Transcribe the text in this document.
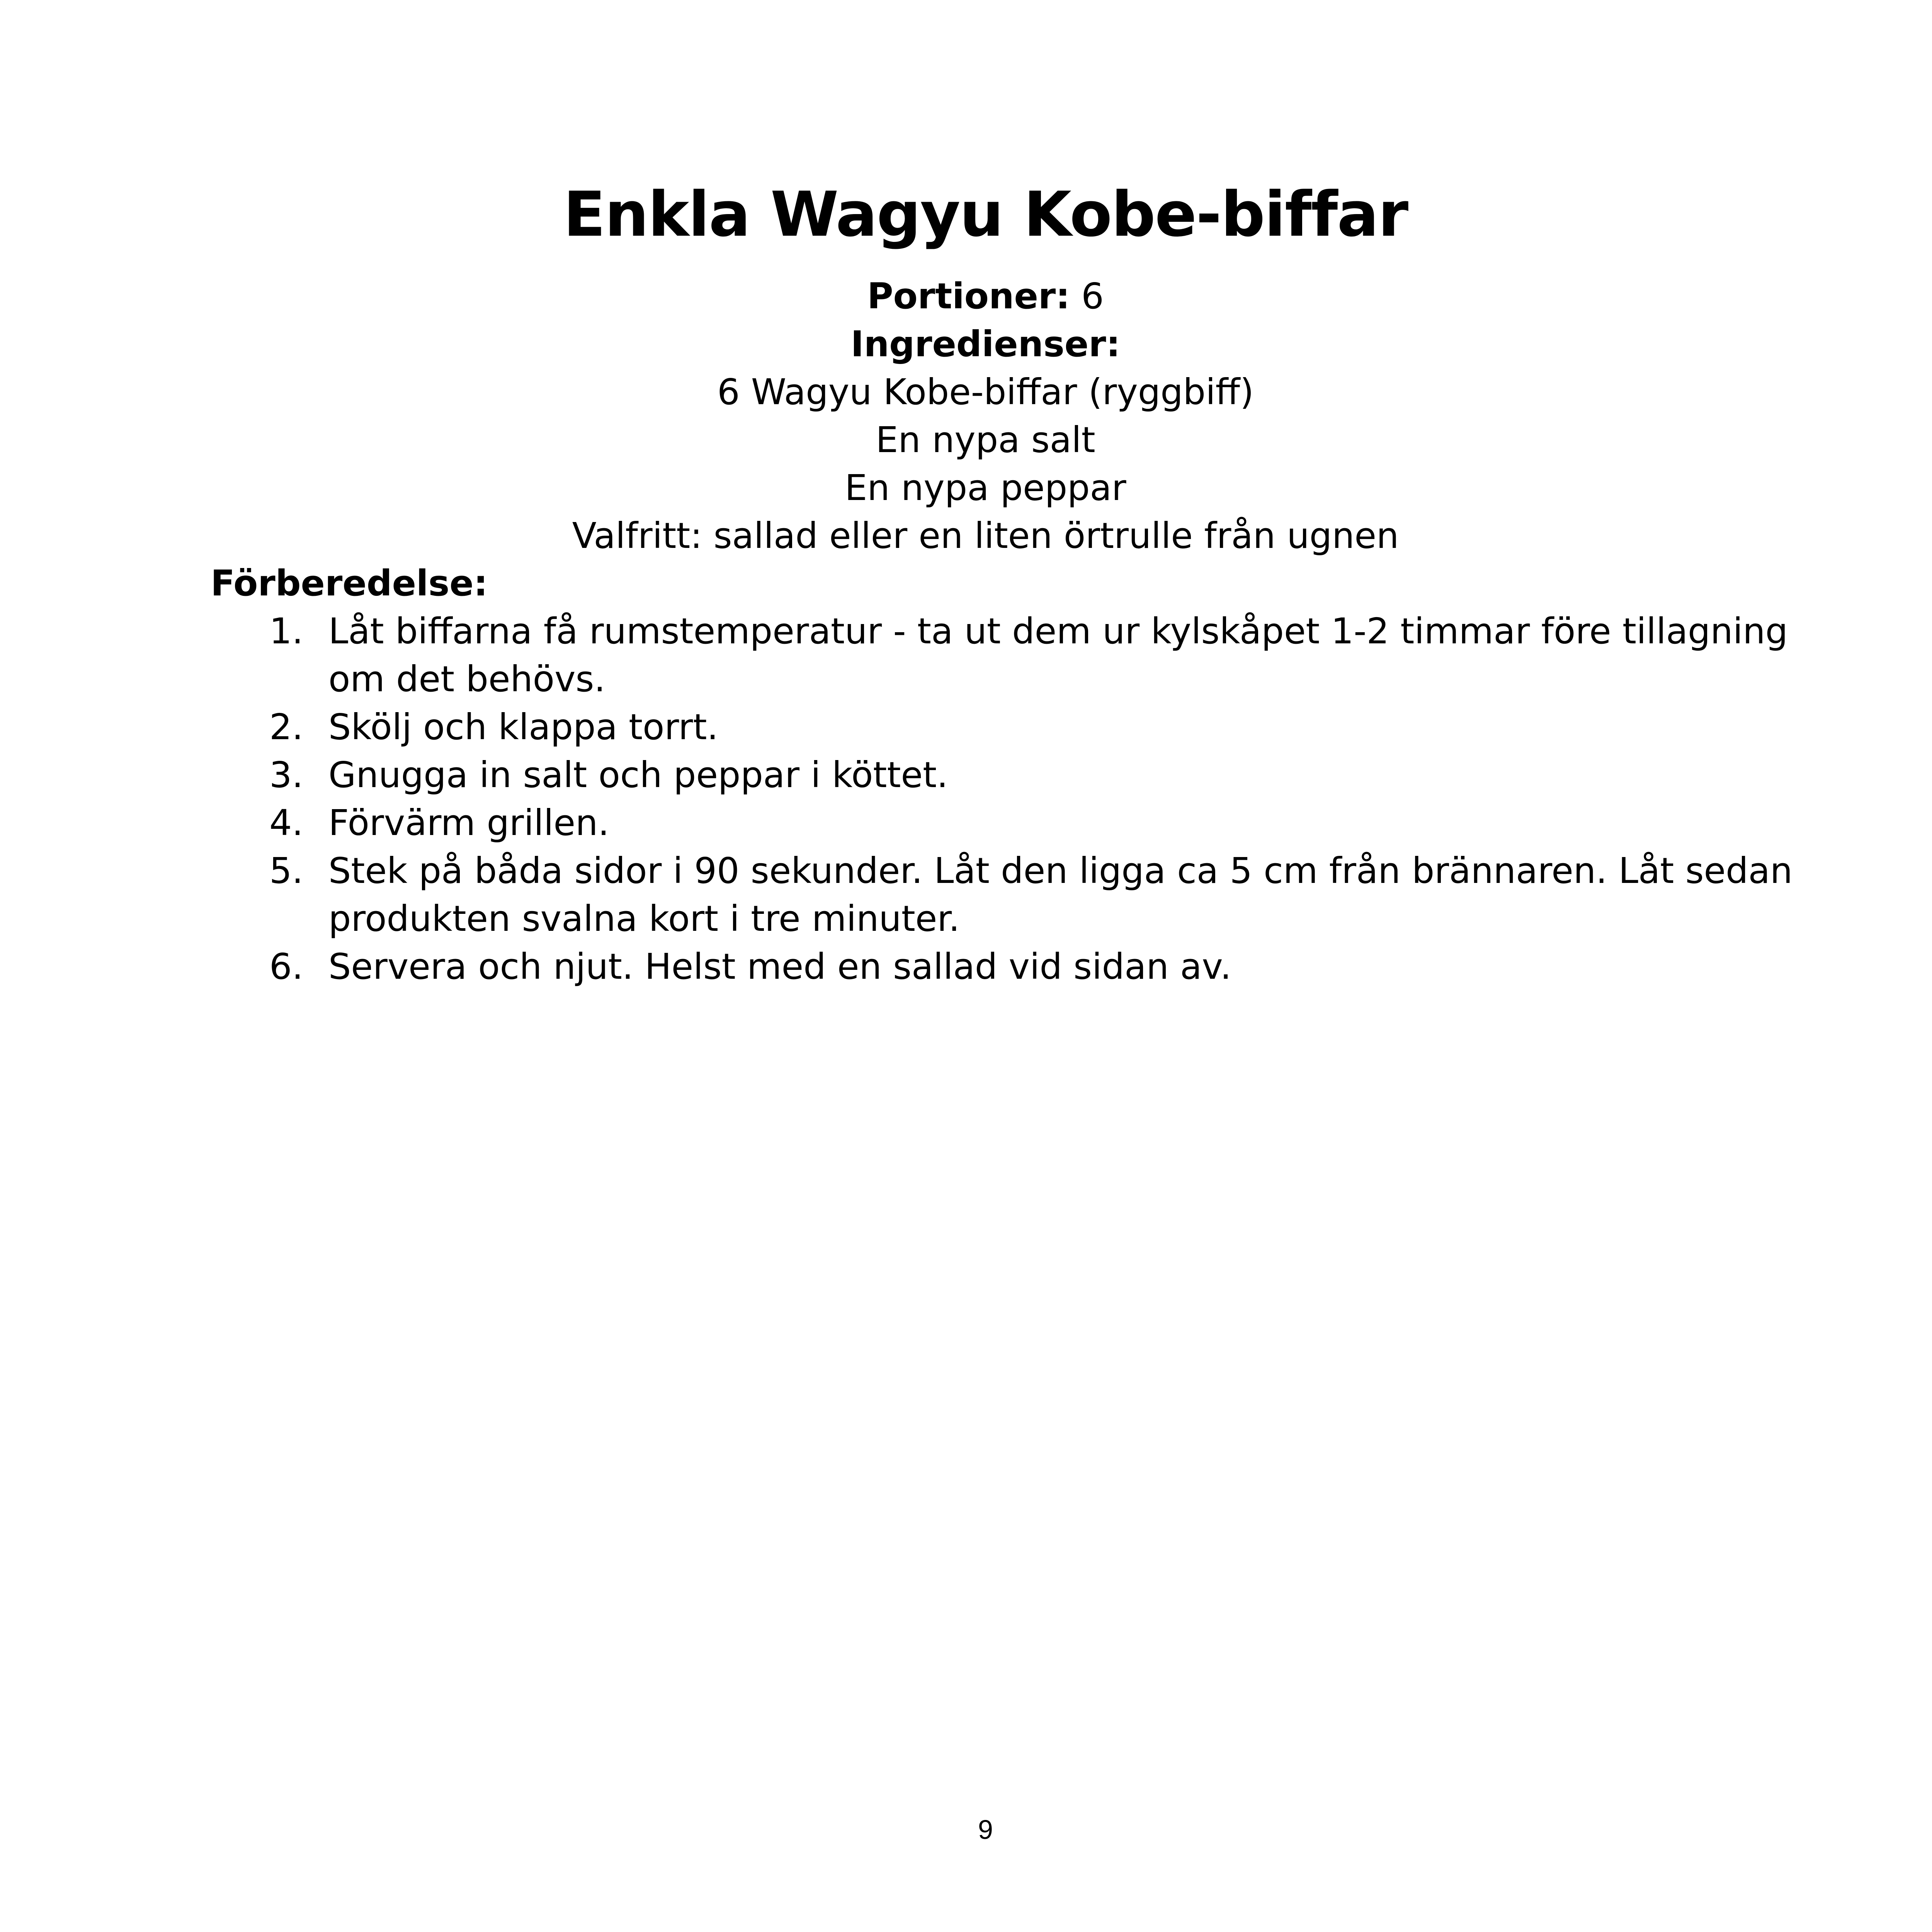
Enkla Wagyu Kobe-biffar
Portioner: 6
Ingredienser:
6 Wagyu Kobe-biffar (ryggbiff)
En nypa salt
En nypa peppar
Valfritt: sallad eller en liten örtrulle från ugnen
Förberedelse:
1. Låt biffarna få rumstemperatur - ta ut dem ur kylskåpet 1-2 timmar före tillagning om det behövs.
2. Skölj och klappa torrt.
3. Gnugga in salt och peppar i köttet.
4. Förvärm grillen.
5. Stek på båda sidor i 90 sekunder. Låt den ligga ca 5 cm från brännaren. Låt sedan produkten svalna kort i tre minuter.
6. Servera och njut. Helst med en sallad vid sidan av.
9
